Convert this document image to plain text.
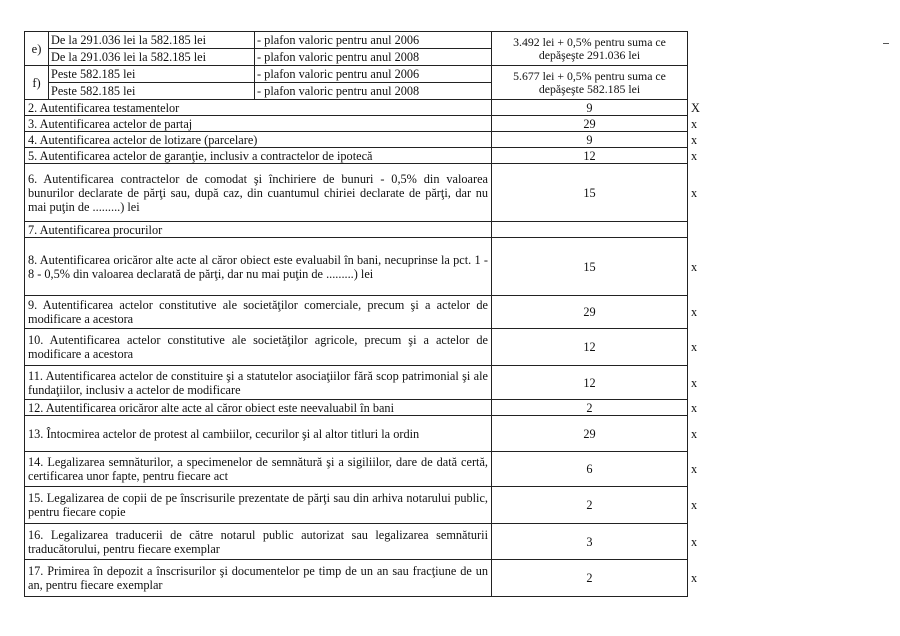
e)	De la 291.036 lei la 582.185 lei	- plafon valoric pentru anul 2006	3.492 lei + 0,5% pentru suma ce depăşeşte 291.036 lei	
	De la 291.036 lei la 582.185 lei	- plafon valoric pentru anul 2008		
f)	Peste 582.185 lei	- plafon valoric pentru anul 2006	5.677 lei + 0,5% pentru suma ce depăşeşte 582.185 lei	
	Peste 582.185 lei	- plafon valoric pentru anul 2008		
2. Autentificarea testamentelor			9	X
3. Autentificarea actelor de partaj			29	x
4. Autentificarea actelor de lotizare (parcelare)			9	x
5. Autentificarea actelor de garanţie, inclusiv a contractelor de ipotecă			12	x
6. Autentificarea contractelor de comodat şi închiriere de bunuri - 0,5% din valoarea bunurilor declarate de părţi sau, după caz, din cuantumul chiriei declarate de părţi, dar nu mai puţin de .........) lei			15	x
7. Autentificarea procurilor				
8. Autentificarea oricăror alte acte al căror obiect este evaluabil în bani, necuprinse la pct. 1 - 8 - 0,5% din valoarea declarată de părţi, dar nu mai puţin de .........) lei			15	x
9. Autentificarea actelor constitutive ale societăţilor comerciale, precum şi a actelor de modificare a acestora			29	x
10. Autentificarea actelor constitutive ale societăţilor agricole, precum şi a actelor de modificare a acestora			12	x
11. Autentificarea actelor de constituire şi a statutelor asociaţiilor fără scop patrimonial şi ale fundaţiilor, inclusiv a actelor de modificare			12	x
12. Autentificarea oricăror alte acte al căror obiect este neevaluabil în bani			2	x
13. Întocmirea actelor de protest al cambiilor, cecurilor şi al altor titluri la ordin			29	x
14. Legalizarea semnăturilor, a specimenelor de semnătură şi a sigiliilor, dare de dată certă, certificarea unor fapte, pentru fiecare act			6	x
15. Legalizarea de copii de pe înscrisurile prezentate de părţi sau din arhiva notarului public, pentru fiecare copie			2	x
16. Legalizarea traducerii de către notarul public autorizat sau legalizarea semnăturii traducătorului, pentru fiecare exemplar			3	x
17. Primirea în depozit a înscrisurilor şi documentelor pe timp de un an sau fracţiune de un an, pentru fiecare exemplar			2	x
